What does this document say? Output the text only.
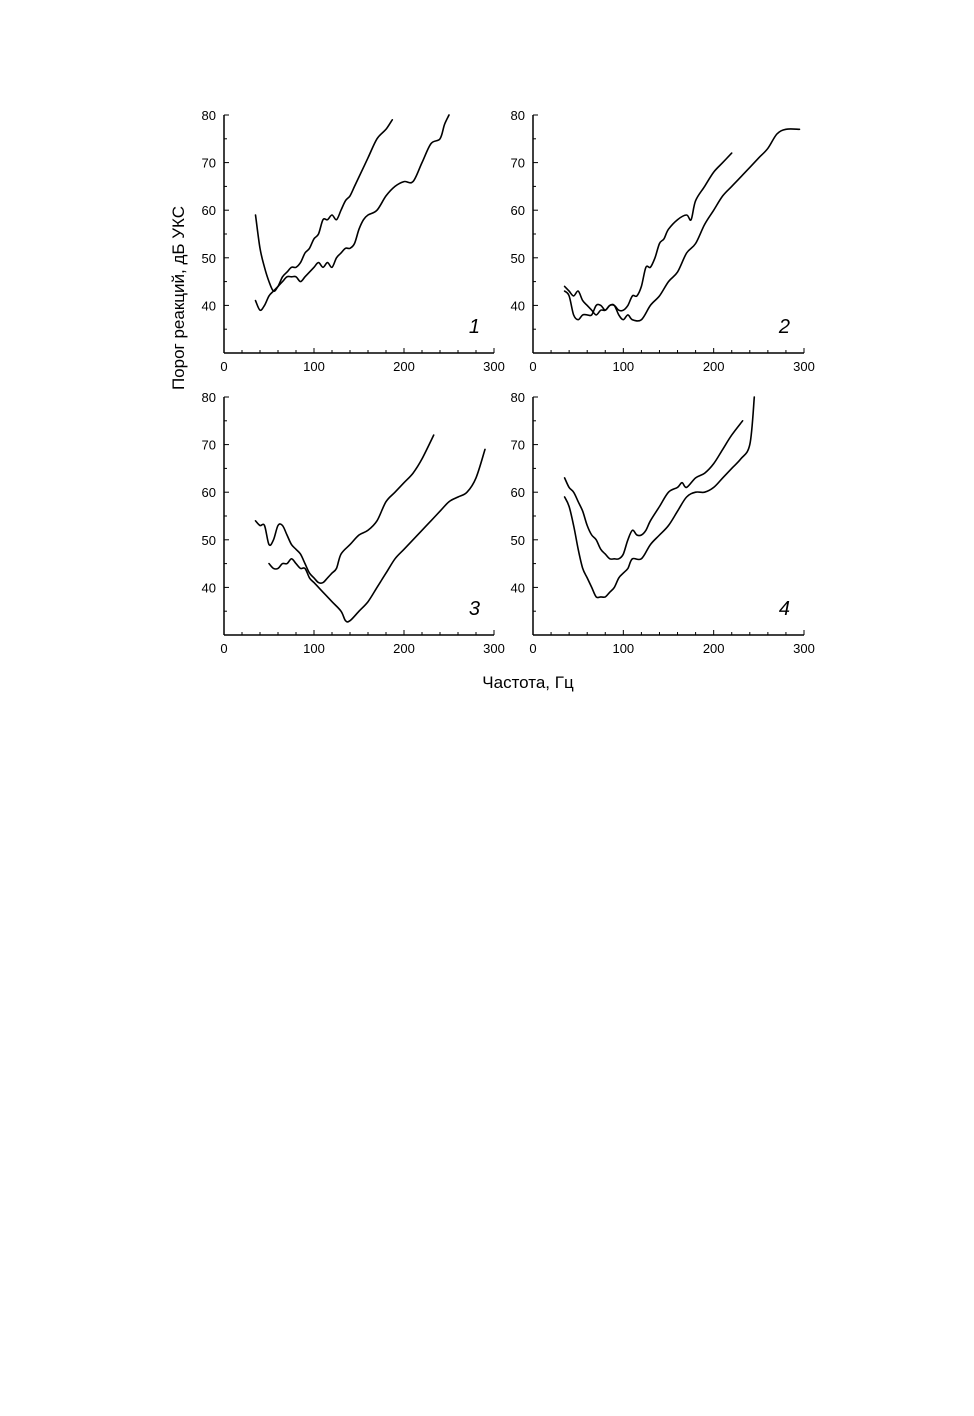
0	100	200	300
40
50
60
70
80
1
0	100	200	300
40
50
60
70
80
2
0	100	200	300
40
50
60
70
80
3
0	100	200	300
40
50
60
70
80
4
Порог реакций, дБ УКС
Частота, Гц
